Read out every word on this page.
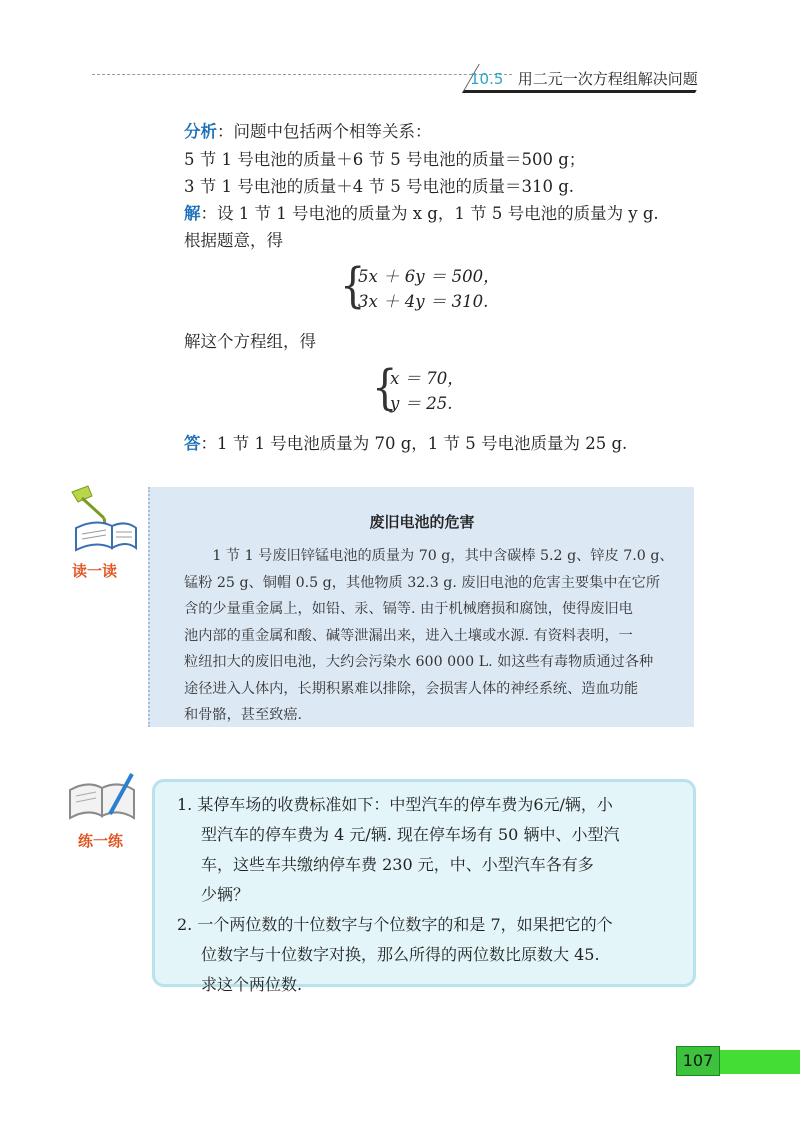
10.5 用二元一次方程组解决问题
分析：问题中包括两个相等关系：
5 节 1 号电池的质量＋6 节 5 号电池的质量＝500 g；
3 节 1 号电池的质量＋4 节 5 号电池的质量＝310 g.
解：设 1 节 1 号电池的质量为 x g，1 节 5 号电池的质量为 y g.
根据题意，得
{
5x ＋ 6y ＝ 500，
3x ＋ 4y ＝ 310.
解这个方程组，得
{
x ＝ 70，
y ＝ 25.
答：1 节 1 号电池质量为 70 g，1 节 5 号电池质量为 25 g.
读一读
废旧电池的危害
1 节 1 号废旧锌锰电池的质量为 70 g，其中含碳棒 5.2 g、锌皮 7.0 g、
锰粉 25 g、铜帽 0.5 g，其他物质 32.3 g. 废旧电池的危害主要集中在它所
含的少量重金属上，如铅、汞、镉等. 由于机械磨损和腐蚀，使得废旧电
池内部的重金属和酸、碱等泄漏出来，进入土壤或水源. 有资料表明，一
粒纽扣大的废旧电池，大约会污染水 600 000 L. 如这些有毒物质通过各种
途径进入人体内，长期积累难以排除，会损害人体的神经系统、造血功能
和骨骼，甚至致癌.
练一练
1. 某停车场的收费标准如下：中型汽车的停车费为6元/辆，小
型汽车的停车费为 4 元/辆. 现在停车场有 50 辆中、小型汽
车，这些车共缴纳停车费 230 元，中、小型汽车各有多
少辆？
2. 一个两位数的十位数字与个位数字的和是 7，如果把它的个
位数字与十位数字对换，那么所得的两位数比原数大 45.
求这个两位数.
107
